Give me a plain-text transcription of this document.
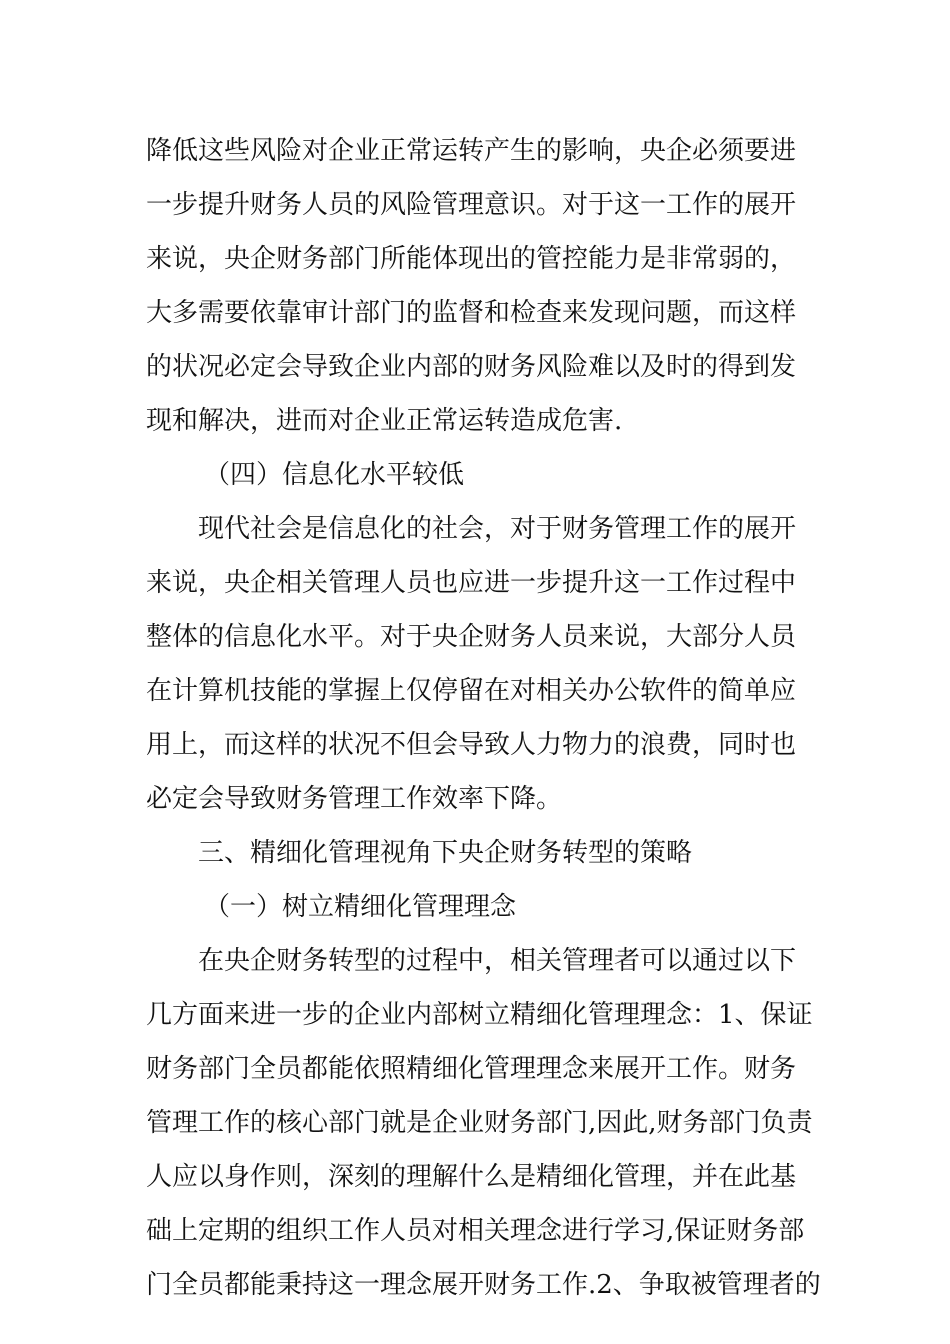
降低这些风险对企业正常运转产生的影响，央企必须要进
一步提升财务人员的风险管理意识。对于这一工作的展开
来说，央企财务部门所能体现出的管控能力是非常弱的，
大多需要依靠审计部门的监督和检查来发现问题，而这样
的状况必定会导致企业内部的财务风险难以及时的得到发
现和解决，进而对企业正常运转造成危害.
（四）信息化水平较低
现代社会是信息化的社会，对于财务管理工作的展开
来说，央企相关管理人员也应进一步提升这一工作过程中
整体的信息化水平。对于央企财务人员来说，大部分人员
在计算机技能的掌握上仅停留在对相关办公软件的简单应
用上，而这样的状况不但会导致人力物力的浪费，同时也
必定会导致财务管理工作效率下降。
三、精细化管理视角下央企财务转型的策略
（一）树立精细化管理理念
在央企财务转型的过程中，相关管理者可以通过以下
几方面来进一步的企业内部树立精细化管理理念：1、保证
财务部门全员都能依照精细化管理理念来展开工作。财务
管理工作的核心部门就是企业财务部门,因此,财务部门负责
人应以身作则，深刻的理解什么是精细化管理，并在此基
础上定期的组织工作人员对相关理念进行学习,保证财务部
门全员都能秉持这一理念展开财务工作.2、争取被管理者的
